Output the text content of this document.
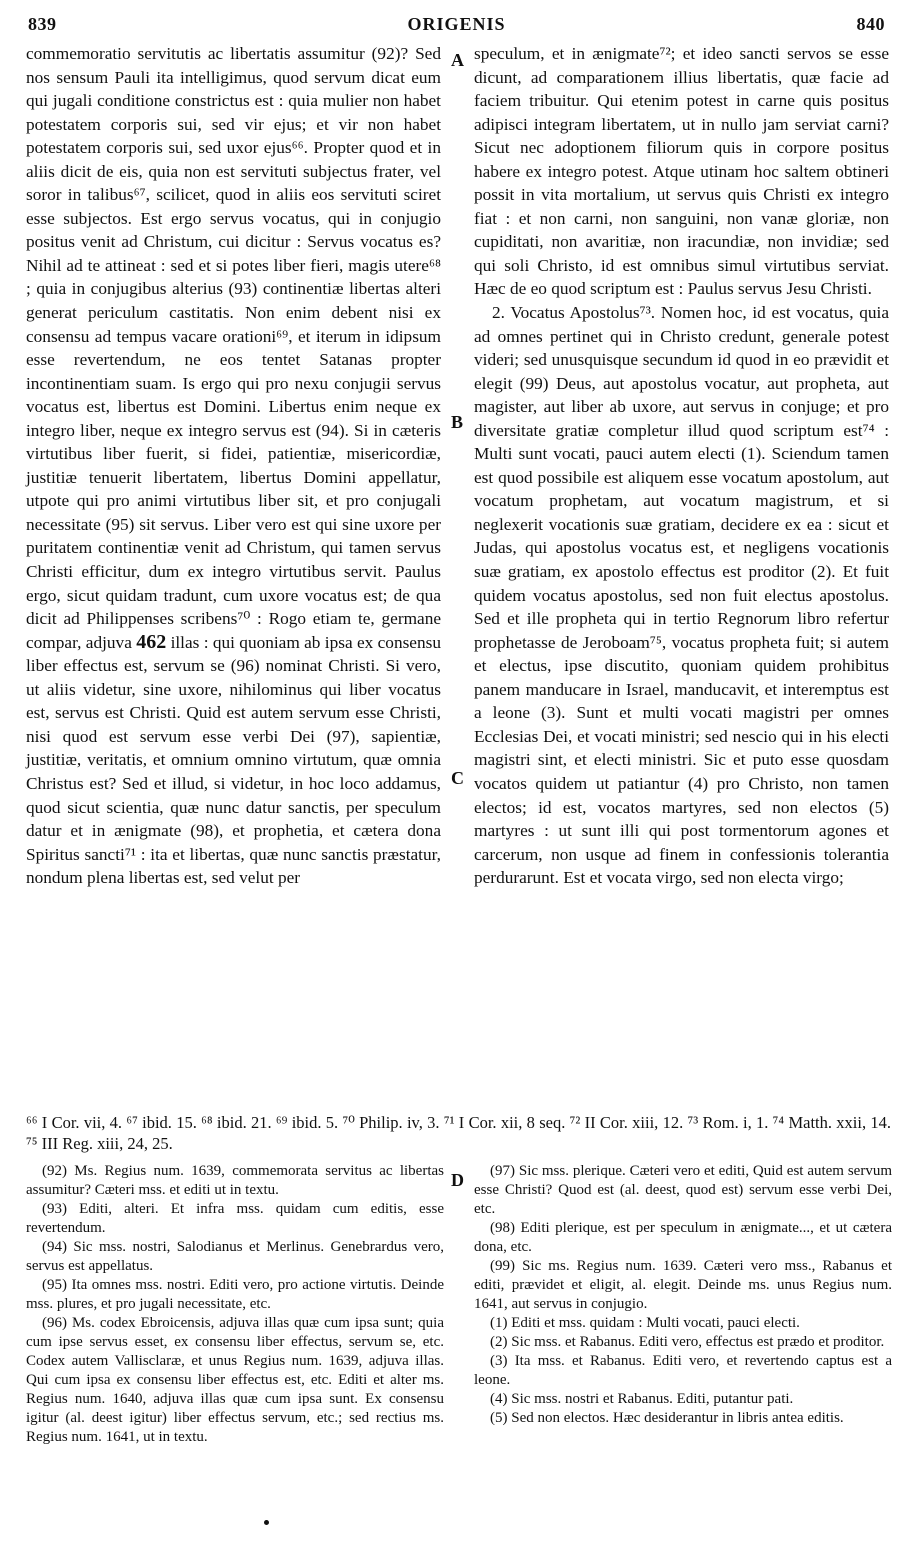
839	ORIGENIS	840
A
B
C
D

commemoratio servitutis ac libertatis assumitur (92)? Sed nos sensum Pauli ita intelligimus, quod servum dicat eum qui jugali conditione constrictus est : quia mulier non habet potestatem corporis sui, sed vir ejus; et vir non habet potestatem corporis sui, sed uxor ejus⁶⁶. Propter quod et in aliis dicit de eis, quia non est servituti subjectus frater, vel soror in talibus⁶⁷, scilicet, quod in aliis eos servituti sciret esse subjectos. Est ergo servus vocatus, qui in conjugio positus venit ad Christum, cui dicitur : Servus vocatus es? Nihil ad te attineat : sed et si potes liber fieri, magis utere⁶⁸ ; quia in conjugibus alterius (93) continentiæ libertas alteri generat periculum castitatis. Non enim debent nisi ex consensu ad tempus vacare orationi⁶⁹, et iterum in idipsum esse revertendum, ne eos tentet Satanas propter incontinentiam suam. Is ergo qui pro nexu conjugii servus vocatus est, libertus est Domini. Libertus enim neque ex integro liber, neque ex integro servus est (94). Si in cæteris virtutibus liber fuerit, si fidei, patientiæ, misericordiæ, justitiæ tenuerit libertatem, libertus Domini appellatur, utpote qui pro animi virtutibus liber sit, et pro conjugali necessitate (95) sit servus. Liber vero est qui sine uxore per puritatem continentiæ venit ad Christum, qui tamen servus Christi efficitur, dum ex integro virtutibus servit. Paulus ergo, sicut quidam tradunt, cum uxore vocatus est; de qua dicit ad Philippenses scribens⁷⁰ : Rogo etiam te, germane compar, adjuva 462 illas : qui quoniam ab ipsa ex consensu liber effectus est, servum se (96) nominat Christi. Si vero, ut aliis videtur, sine uxore, nihilominus qui liber vocatus est, servus est Christi. Quid est autem servum esse Christi, nisi quod est servum esse verbi Dei (97), sapientiæ, justitiæ, veritatis, et omnium omnino virtutum, quæ omnia Christus est? Sed et illud, si videtur, in hoc loco addamus, quod sicut scientia, quæ nunc datur sanctis, per speculum datur et in ænigmate (98), et prophetia, et cætera dona Spiritus sancti⁷¹ : ita et libertas, quæ nunc sanctis præstatur, nondum plena libertas est, sed velut per

speculum, et in ænigmate⁷²; et ideo sancti servos se esse dicunt, ad comparationem illius libertatis, quæ facie ad faciem tribuitur. Qui etenim potest in carne quis positus adipisci integram libertatem, ut in nullo jam serviat carni? Sicut nec adoptionem filiorum quis in corpore positus habere ex integro potest. Atque utinam hoc saltem obtineri possit in vita mortalium, ut servus quis Christi ex integro fiat : et non carni, non sanguini, non vanæ gloriæ, non cupiditati, non avaritiæ, non iracundiæ, non invidiæ; sed qui soli Christo, id est omnibus simul virtutibus serviat. Hæc de eo quod scriptum est : Paulus servus Jesu Christi.

2. Vocatus Apostolus⁷³. Nomen hoc, id est vocatus, quia ad omnes pertinet qui in Christo credunt, generale potest videri; sed unusquisque secundum id quod in eo prævidit et elegit (99) Deus, aut apostolus vocatur, aut propheta, aut magister, aut liber ab uxore, aut servus in conjuge; et pro diversitate gratiæ completur illud quod scriptum est⁷⁴ : Multi sunt vocati, pauci autem electi (1). Sciendum tamen est quod possibile est aliquem esse vocatum apostolum, aut vocatum prophetam, aut vocatum magistrum, et si neglexerit vocationis suæ gratiam, decidere ex ea : sicut et Judas, qui apostolus vocatus est, et negligens vocationis suæ gratiam, ex apostolo effectus est proditor (2). Et fuit quidem vocatus apostolus, sed non fuit electus apostolus. Sed et ille propheta qui in tertio Regnorum libro refertur prophetasse de Jeroboam⁷⁵, vocatus propheta fuit; si autem et electus, ipse discutito, quoniam quidem prohibitus panem manducare in Israel, manducavit, et interemptus est a leone (3). Sunt et multi vocati magistri per omnes Ecclesias Dei, et vocati ministri; sed nescio qui in his electi magistri sint, et electi ministri. Sic et puto esse quosdam vocatos quidem ut patiantur (4) pro Christo, non tamen electos; id est, vocatos martyres, sed non electos (5) martyres : ut sunt illi qui post tormentorum agones et carcerum, non usque ad finem in confessionis tolerantia perdurarunt. Est et vocata virgo, sed non electa virgo;

⁶⁶ I Cor. vii, 4. ⁶⁷ ibid. 15. ⁶⁸ ibid. 21. ⁶⁹ ibid. 5. ⁷⁰ Philip. iv, 3. ⁷¹ I Cor. xii, 8 seq. ⁷² II Cor. xiii, 12. ⁷³ Rom. i, 1. ⁷⁴ Matth. xxii, 14. ⁷⁵ III Reg. xiii, 24, 25.

(92) Ms. Regius num. 1639, commemorata servitus ac libertas assumitur? Cæteri mss. et editi ut in textu.

(93) Editi, alteri. Et infra mss. quidam cum editis, esse revertendum.

(94) Sic mss. nostri, Salodianus et Merlinus. Genebrardus vero, servus est appellatus.

(95) Ita omnes mss. nostri. Editi vero, pro actione virtutis. Deinde mss. plures, et pro jugali necessitate, etc.

(96) Ms. codex Ebroicensis, adjuva illas quæ cum ipsa sunt; quia cum ipse servus esset, ex consensu liber effectus, servum se, etc. Codex autem Vallisclaræ, et unus Regius num. 1639, adjuva illas. Qui cum ipsa ex consensu liber effectus est, etc. Editi et alter ms. Regius num. 1640, adjuva illas quæ cum ipsa sunt. Ex consensu igitur (al. deest igitur) liber effectus servum, etc.; sed rectius ms. Regius num. 1641, ut in textu.

(97) Sic mss. plerique. Cæteri vero et editi, Quid est autem servum esse Christi? Quod est (al. deest, quod est) servum esse verbi Dei, etc.

(98) Editi plerique, est per speculum in ænigmate..., et ut cætera dona, etc.

(99) Sic ms. Regius num. 1639. Cæteri vero mss., Rabanus et editi, prævidet et eligit, al. elegit. Deinde ms. unus Regius num. 1641, aut servus in conjugio.

(1) Editi et mss. quidam : Multi vocati, pauci electi.

(2) Sic mss. et Rabanus. Editi vero, effectus est prædo et proditor.

(3) Ita mss. et Rabanus. Editi vero, et revertendo captus est a leone.

(4) Sic mss. nostri et Rabanus. Editi, putantur pati.

(5) Sed non electos. Hæc desiderantur in libris antea editis.
